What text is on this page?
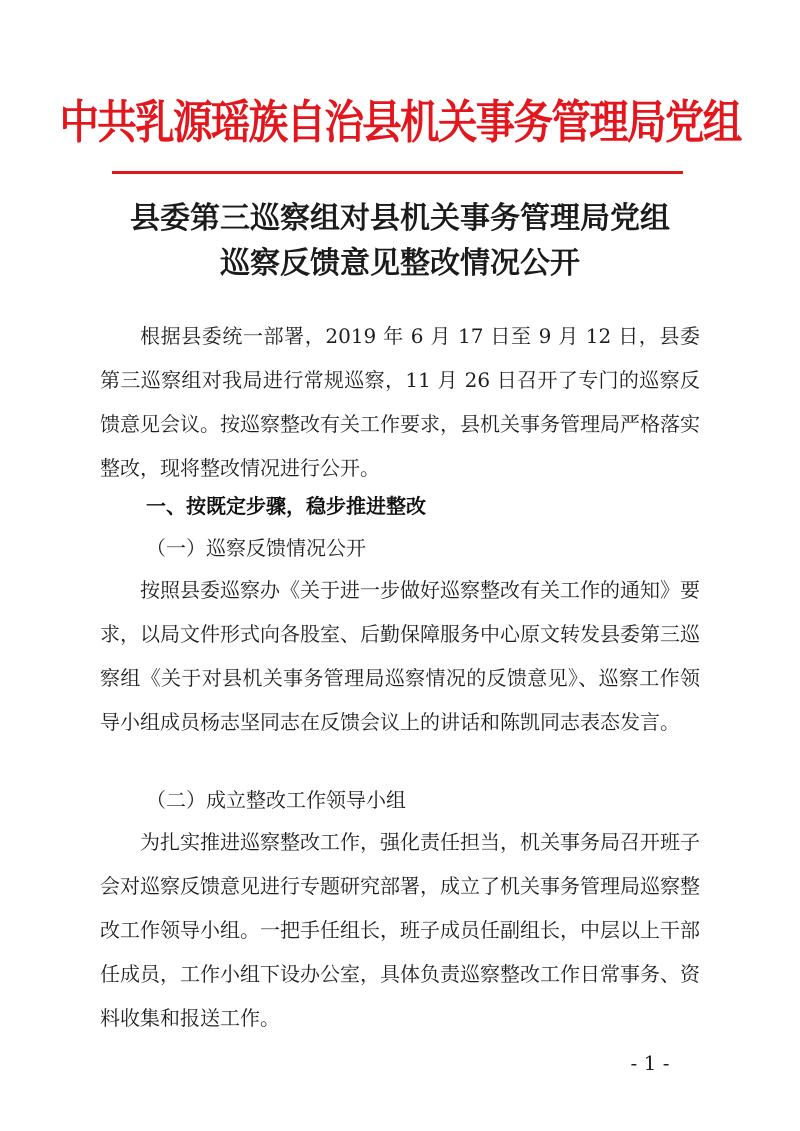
中共乳源瑶族自治县机关事务管理局党组
县委第三巡察组对县机关事务管理局党组
巡察反馈意见整改情况公开

根据县委统一部署，2019 年 6 月 17 日至 9 月 12 日，县委第三巡察组对我局进行常规巡察，11 月 26 日召开了专门的巡察反馈意见会议。按巡察整改有关工作要求，县机关事务管理局严格落实整改，现将整改情况进行公开。

一、按既定步骤，稳步推进整改
（一）巡察反馈情况公开

按照县委巡察办《关于进一步做好巡察整改有关工作的通知》要求，以局文件形式向各股室、后勤保障服务中心原文转发县委第三巡察组《关于对县机关事务管理局巡察情况的反馈意见》、巡察工作领导小组成员杨志坚同志在反馈会议上的讲话和陈凯同志表态发言。

（二）成立整改工作领导小组

为扎实推进巡察整改工作，强化责任担当，机关事务局召开班子会对巡察反馈意见进行专题研究部署，成立了机关事务管理局巡察整改工作领导小组。一把手任组长，班子成员任副组长，中层以上干部任成员，工作小组下设办公室，具体负责巡察整改工作日常事务、资料收集和报送工作。

- 1 -
